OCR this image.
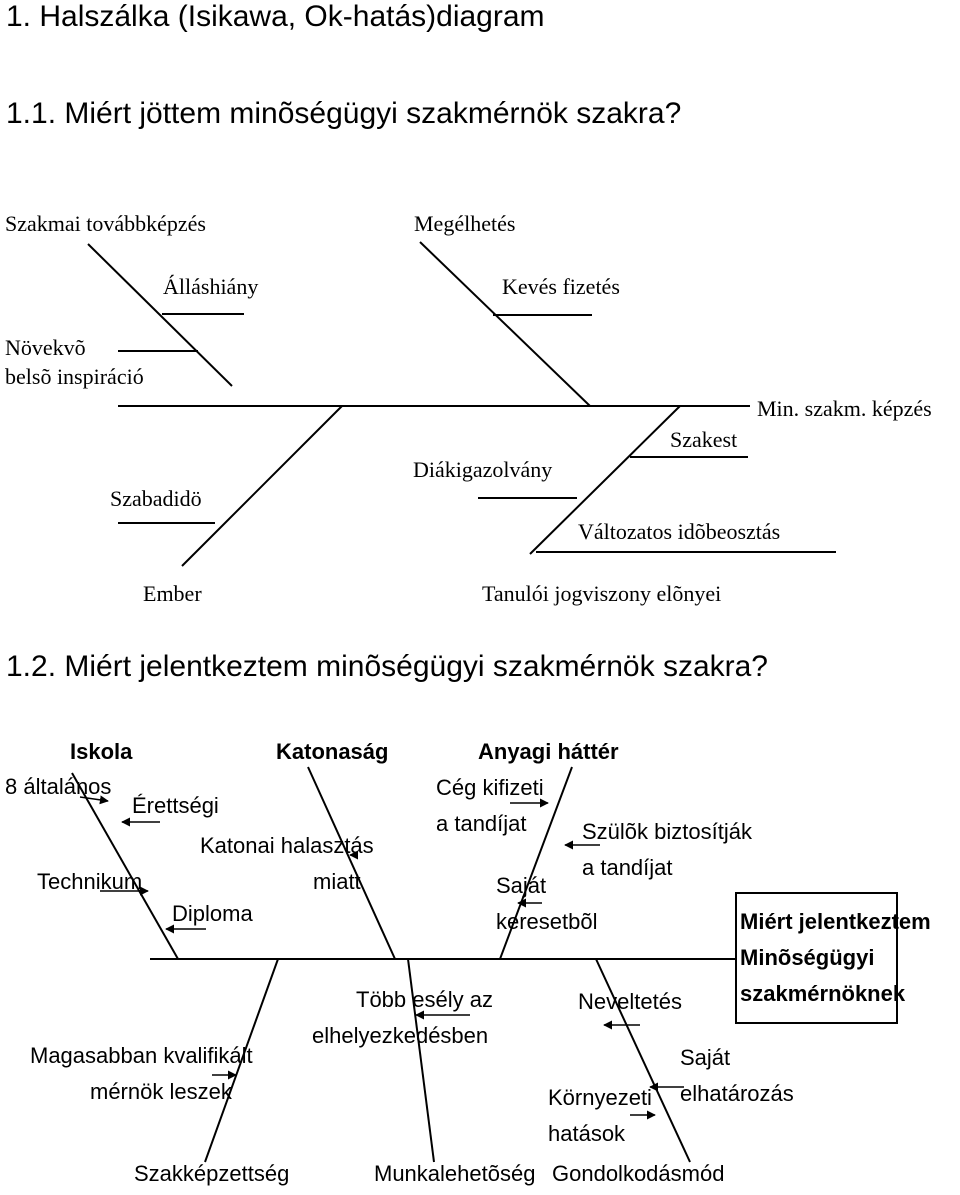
1. Halszálka (Isikawa, Ok-hatás)diagram
1.1. Miért jöttem minõségügyi szakmérnök szakra?
Szakmai továbbképzés	Megélhetés
Álláshiány	Kevés fizetés
Növekvõ
belsõ inspiráció
Min. szakm. képzés
Szakest
Diákigazolvány
Szabadidö
Változatos idõbeosztás
Ember	Tanulói jogviszony elõnyei
1.2. Miért jelentkeztem minõségügyi szakmérnök szakra?
Iskola	Katonaság	Anyagi háttér
8 általános
Érettségi
Cég kifizeti
a tandíjat
Katonai halasztás
miatt
Szülõk biztosítják
a tandíjat
Technikum	Saját
keresetbõl
Diploma	Miért jelentkeztem
Minõségügyi
szakmérnöknek
Több esély az
elhelyezkedésben
Neveltetés
Magasabban kvalifikált
mérnök leszek
Saját
elhatározás
Környezeti
hatások
Szakképzettség	Munkalehetõség Gondolkodásmód
